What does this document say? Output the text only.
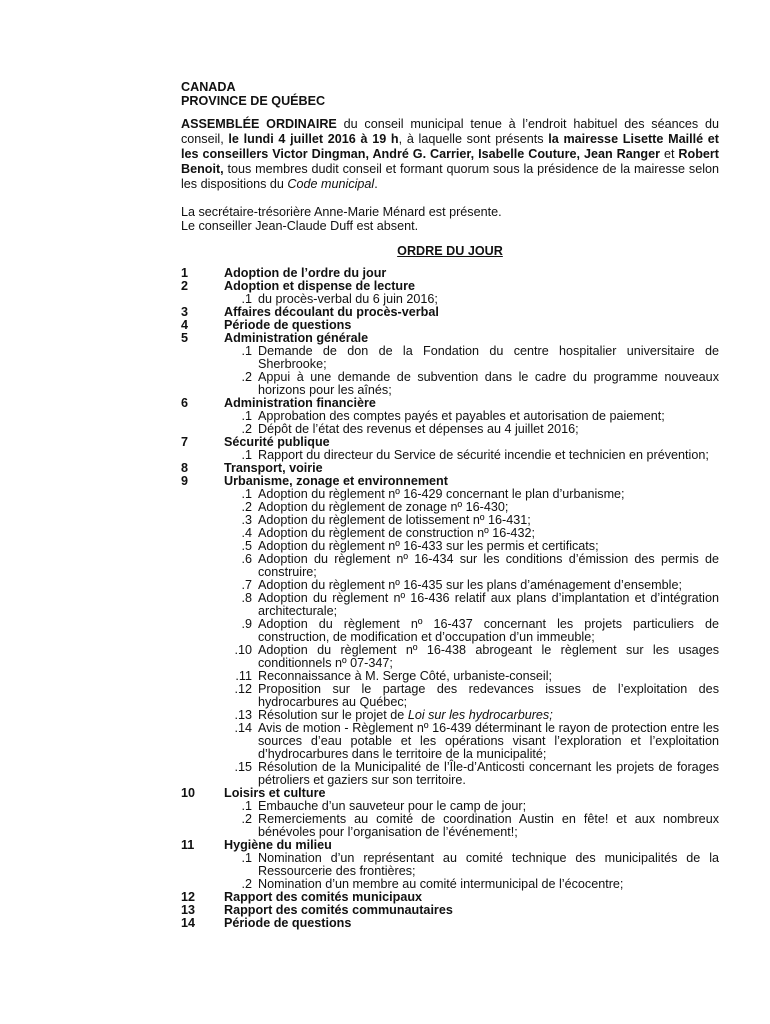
CANADA
PROVINCE DE QUÉBEC

ASSEMBLÉE ORDINAIRE du conseil municipal tenue à l’endroit habituel des séances du conseil, le lundi 4 juillet 2016 à 19 h, à laquelle sont présents la mairesse Lisette Maillé et les conseillers Victor Dingman, André G. Carrier, Isabelle Couture, Jean Ranger et Robert Benoit, tous membres dudit conseil et formant quorum sous la présidence de la mairesse selon les dispositions du Code municipal.

La secrétaire-trésorière Anne-Marie Ménard est présente.
Le conseiller Jean-Claude Duff est absent.
ORDRE DU JOUR
1	Adoption de l’ordre du jour
2	Adoption et dispense de lecture
.1 du procès-verbal du 6 juin 2016;
3	Affaires découlant du procès-verbal
4	Période de questions
5	Administration générale
.1 Demande de don de la Fondation du centre hospitalier universitaire de Sherbrooke;
.2 Appui à une demande de subvention dans le cadre du programme nouveaux horizons pour les aînés;
6	Administration financière
.1 Approbation des comptes payés et payables et autorisation de paiement;
.2 Dépôt de l’état des revenus et dépenses au 4 juillet 2016;
7	Sécurité publique
.1 Rapport du directeur du Service de sécurité incendie et technicien en prévention;
8	Transport, voirie
9	Urbanisme, zonage et environnement
.1 Adoption du règlement nº 16-429 concernant le plan d’urbanisme;
.2 Adoption du règlement de zonage nº 16-430;
.3 Adoption du règlement de lotissement nº 16-431;
.4 Adoption du règlement de construction nº 16-432;
.5 Adoption du règlement nº 16-433 sur les permis et certificats;
.6 Adoption du règlement nº 16-434 sur les conditions d’émission des permis de construire;
.7 Adoption du règlement nº 16-435 sur les plans d’aménagement d’ensemble;
.8 Adoption du règlement nº 16-436 relatif aux plans d’implantation et d’intégration architecturale;
.9 Adoption du règlement nº 16-437 concernant les projets particuliers de construction, de modification et d’occupation d’un immeuble;
.10 Adoption du règlement nº 16-438 abrogeant le règlement sur les usages conditionnels nº 07-347;
.11 Reconnaissance à M. Serge Côté, urbaniste-conseil;
.12 Proposition sur le partage des redevances issues de l’exploitation des hydrocarbures au Québec;
.13 Résolution sur le projet de Loi sur les hydrocarbures;
.14 Avis de motion - Règlement nº 16-439 déterminant le rayon de protection entre les sources d’eau potable et les opérations visant l’exploration et l’exploitation d’hydrocarbures dans le territoire de la municipalité;
.15 Résolution de la Municipalité de l’Île-d’Anticosti concernant les projets de forages pétroliers et gaziers sur son territoire.
10	Loisirs et culture
.1 Embauche d’un sauveteur pour le camp de jour;
.2 Remerciements au comité de coordination Austin en fête! et aux nombreux bénévoles pour l’organisation de l’événement!;
11	Hygiène du milieu
.1 Nomination d’un représentant au comité technique des municipalités de la Ressourcerie des frontières;
.2 Nomination d’un membre au comité intermunicipal de l’écocentre;
12	Rapport des comités municipaux
13	Rapport des comités communautaires
14	Période de questions
